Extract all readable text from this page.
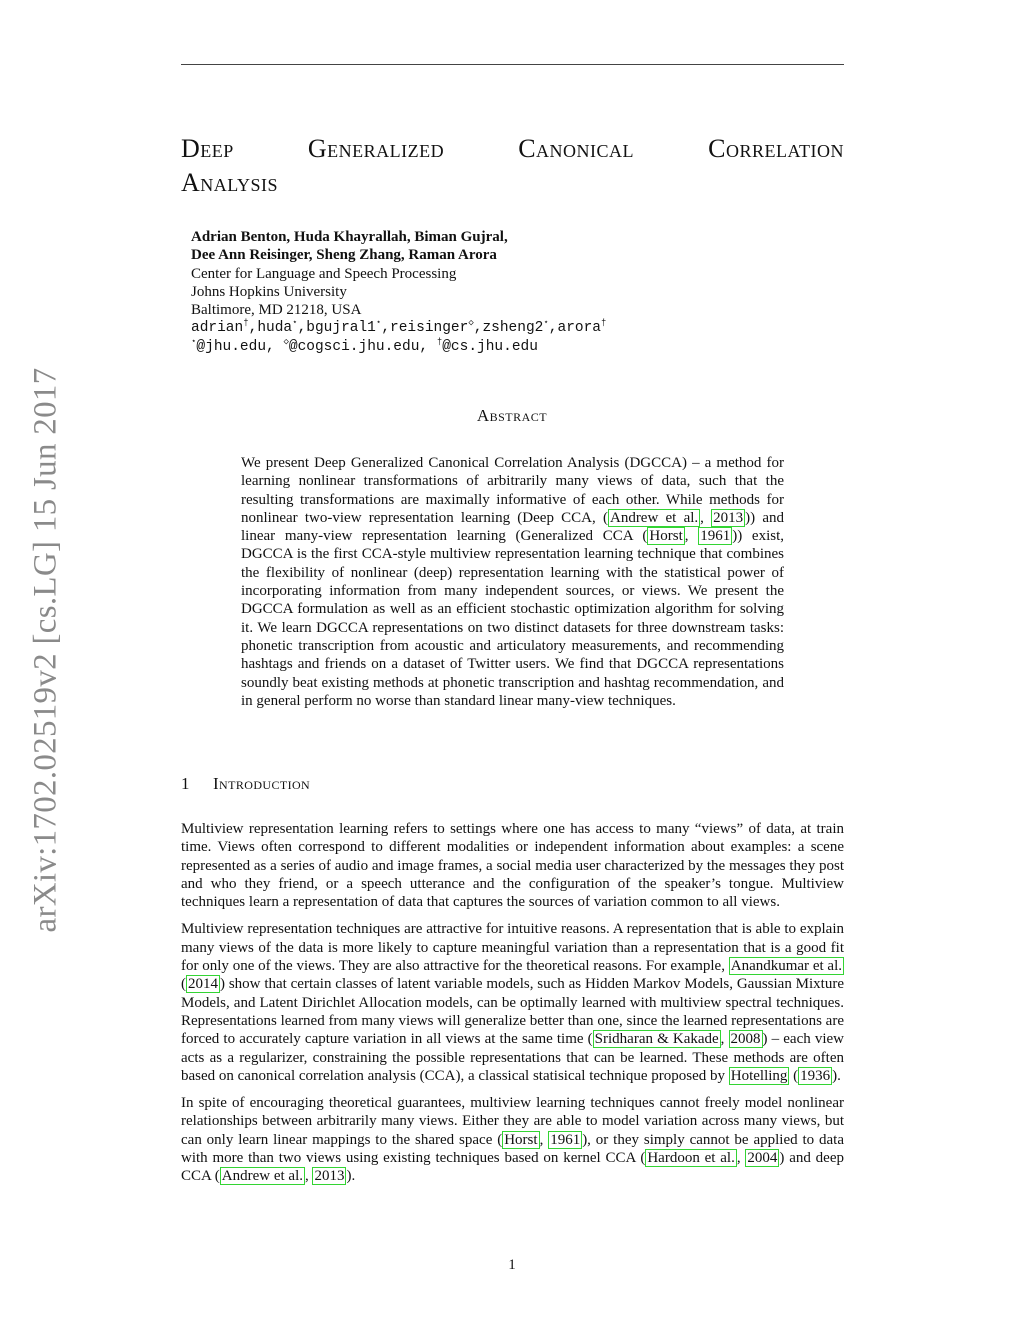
arXiv:1702.02519v2 [cs.LG] 15 Jun 2017
Deep	Generalized	Canonical	Correlation
Analysis
Adrian Benton, Huda Khayrallah, Biman Gujral,
Dee Ann Reisinger, Sheng Zhang, Raman Arora
Center for Language and Speech Processing
Johns Hopkins University
Baltimore, MD 21218, USA
adrian†,huda⋆,bgujral1⋆,reisinger◇,zsheng2⋆,arora†
⋆@jhu.edu, ◇@cogsci.jhu.edu, †@cs.jhu.edu
Abstract
We present Deep Generalized Canonical Correlation Analysis (DGCCA) – a method for learning nonlinear transformations of arbitrarily many views of data, such that the resulting transformations are maximally informative of each other. While methods for nonlinear two-view representation learning (Deep CCA, ( Andrew et al. , 2013 )) and linear many-view representation learning (Generalized CCA ( Horst , 1961 )) exist, DGCCA is the first CCA-style multiview representation learning technique that combines the flexibility of nonlinear (deep) representation learning with the statistical power of incorporating information from many independent sources, or views. We present the DGCCA formulation as well as an efficient stochastic optimization algorithm for solving it. We learn DGCCA representations on two distinct datasets for three downstream tasks: phonetic transcription from acoustic and articulatory measurements, and recommending hashtags and friends on a dataset of Twitter users. We find that DGCCA representations soundly beat existing methods at phonetic transcription and hashtag recommendation, and in general perform no worse than standard linear many-view techniques.
1 Introduction

Multiview representation learning refers to settings where one has access to many “views” of data, at train time. Views often correspond to different modalities or independent information about examples: a scene represented as a series of audio and image frames, a social media user characterized by the messages they post and who they friend, or a speech utterance and the configuration of the speaker’s tongue. Multiview techniques learn a representation of data that captures the sources of variation common to all views.

Multiview representation techniques are attractive for intuitive reasons. A representation that is able to explain many views of the data is more likely to capture meaningful variation than a representation that is a good fit for only one of the views. They are also attractive for the theoretical reasons. For example, Anandkumar et al. ( 2014 ) show that certain classes of latent variable models, such as Hidden Markov Models, Gaussian Mixture Models, and Latent Dirichlet Allocation models, can be optimally learned with multiview spectral techniques. Representations learned from many views will generalize better than one, since the learned representations are forced to accurately capture variation in all views at the same time ( Sridharan & Kakade , 2008 ) – each view acts as a regularizer, constraining the possible representations that can be learned. These methods are often based on canonical correlation analysis (CCA), a classical statisical technique proposed by Hotelling ( 1936 ).

In spite of encouraging theoretical guarantees, multiview learning techniques cannot freely model nonlinear relationships between arbitrarily many views. Either they are able to model variation across many views, but can only learn linear mappings to the shared space ( Horst , 1961 ), or they simply cannot be applied to data with more than two views using existing techniques based on kernel CCA ( Hardoon et al. , 2004 ) and deep CCA ( Andrew et al. , 2013 ).

1
